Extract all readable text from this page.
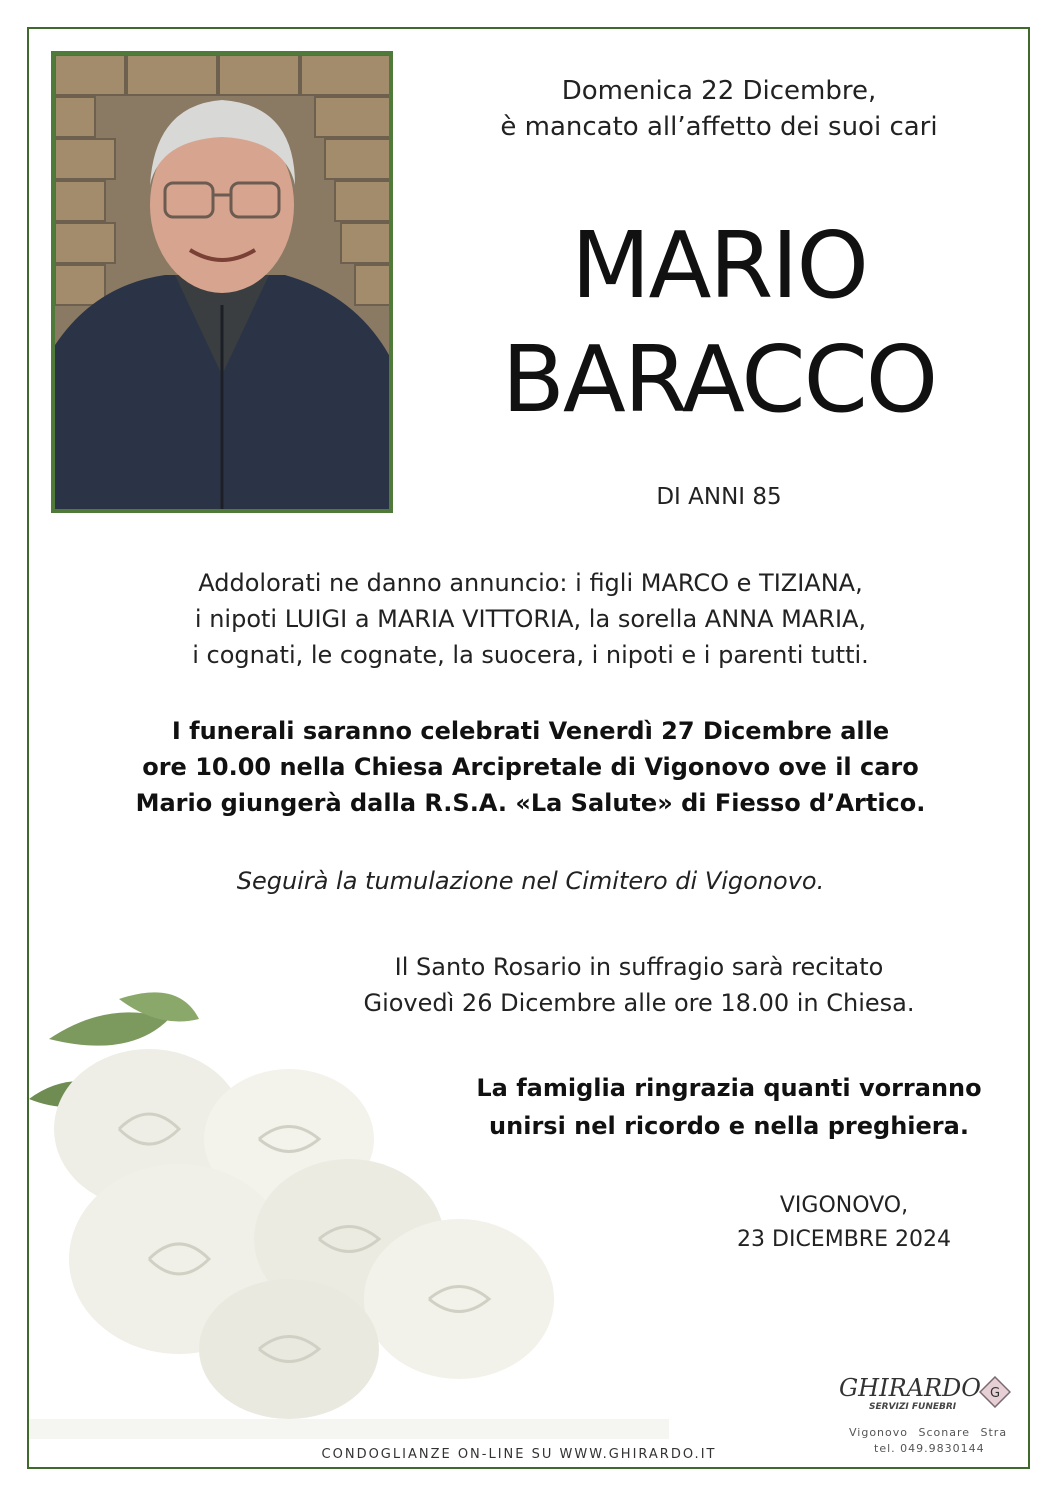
Domenica 22 Dicembre,
è mancato all’affetto dei suoi cari
MARIO
BARACCO
DI ANNI 85
Addolorati ne danno annuncio: i figli MARCO e TIZIANA,
i nipoti LUIGI a MARIA VITTORIA, la sorella ANNA MARIA,
i cognati, le cognate, la suocera, i nipoti e i parenti tutti.
I funerali saranno celebrati Venerdì 27 Dicembre alle
ore 10.00 nella Chiesa Arcipretale di Vigonovo ove il caro
Mario giungerà dalla R.S.A. «La Salute» di Fiesso d’Artico.
Seguirà la tumulazione nel Cimitero di Vigonovo.
Il Santo Rosario in suffragio sarà recitato
Giovedì 26 Dicembre alle ore 18.00 in Chiesa.
La famiglia ringrazia quanti vorranno
unirsi nel ricordo e nella preghiera.
VIGONOVO,
23 DICEMBRE 2024
CONDOGLIANZE ON-LINE SU WWW.GHIRARDO.IT
GHIRARDO
SERVIZI FUNEBRI
G
Vigonovo Sconare Stra
tel. 049.9830144
